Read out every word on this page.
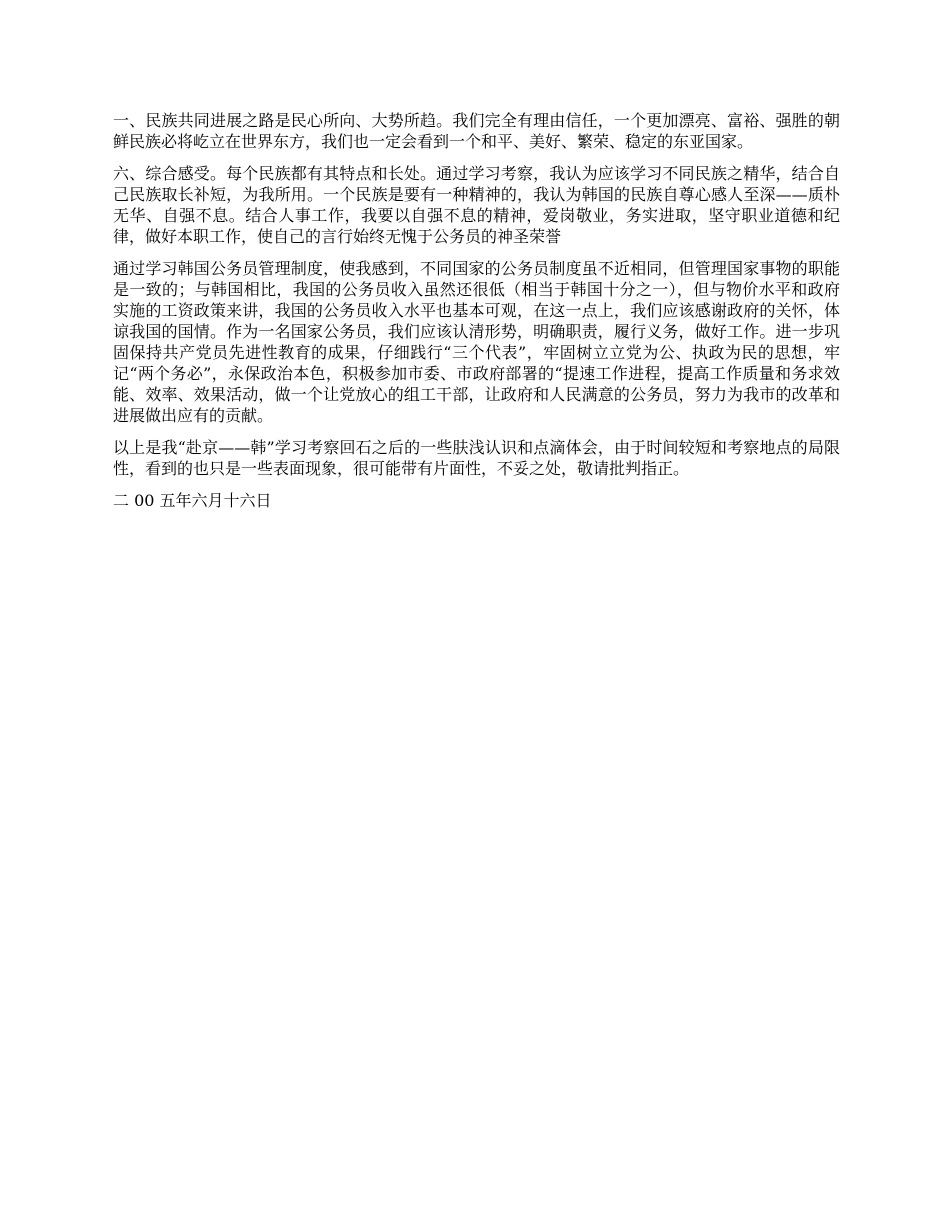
一、民族共同进展之路是民心所向、大势所趋。我们完全有理由信任，一个更加漂亮、富裕、强胜的朝鲜民族必将屹立在世界东方，我们也一定会看到一个和平、美好、繁荣、稳定的东亚国家。

六、综合感受。每个民族都有其特点和长处。通过学习考察，我认为应该学习不同民族之精华，结合自己民族取长补短，为我所用。一个民族是要有一种精神的，我认为韩国的民族自尊心感人至深——质朴无华、自强不息。结合人事工作，我要以自强不息的精神，爱岗敬业，务实进取，坚守职业道德和纪律，做好本职工作，使自己的言行始终无愧于公务员的神圣荣誉

通过学习韩国公务员管理制度，使我感到，不同国家的公务员制度虽不近相同，但管理国家事物的职能是一致的；与韩国相比，我国的公务员收入虽然还很低（相当于韩国十分之一），但与物价水平和政府实施的工资政策来讲，我国的公务员收入水平也基本可观，在这一点上，我们应该感谢政府的关怀，体谅我国的国情。作为一名国家公务员，我们应该认清形势，明确职责，履行义务，做好工作。进一步巩固保持共产党员先进性教育的成果，仔细践行“三个代表”，牢固树立立党为公、执政为民的思想，牢记“两个务必”，永保政治本色，积极参加市委、市政府部署的“提速工作进程，提高工作质量和务求效能、效率、效果活动，做一个让党放心的组工干部，让政府和人民满意的公务员，努力为我市的改革和进展做出应有的贡献。

以上是我“赴京——韩”学习考察回石之后的一些肤浅认识和点滴体会，由于时间较短和考察地点的局限性，看到的也只是一些表面现象，很可能带有片面性，不妥之处，敬请批判指正。

二 00 五年六月十六日
